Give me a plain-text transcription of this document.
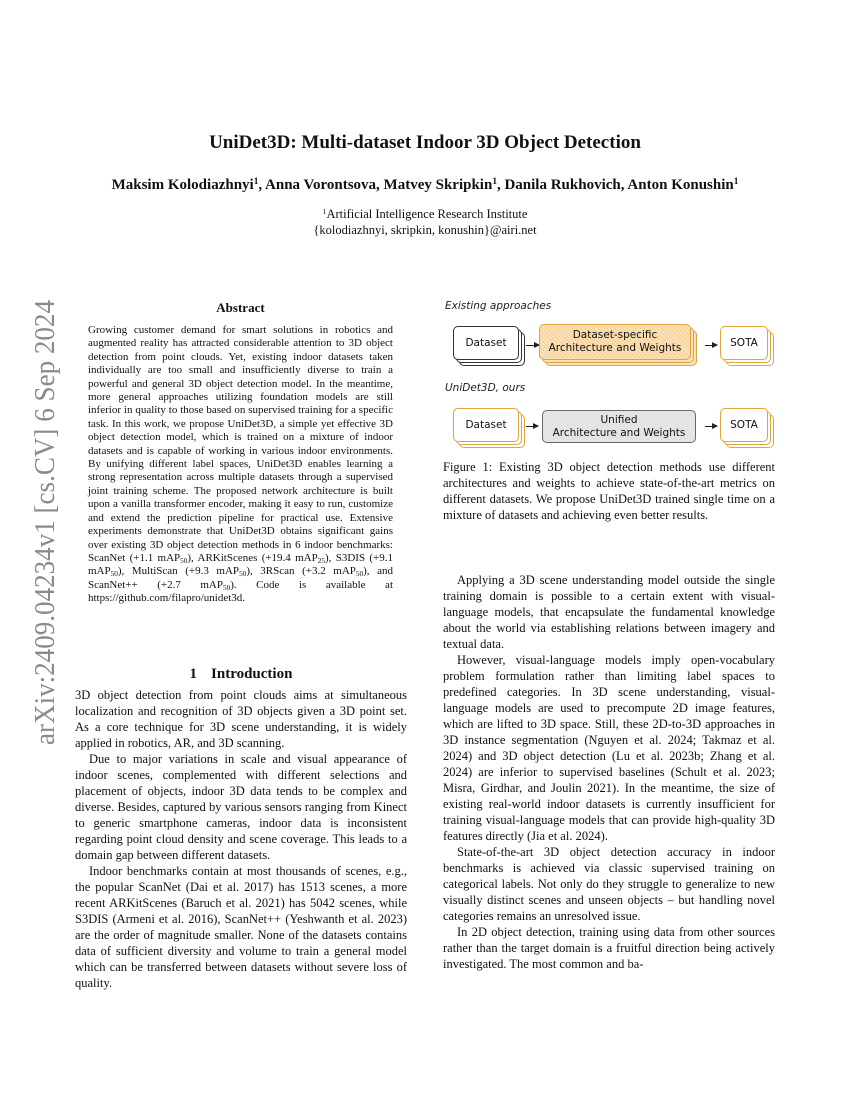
arXiv:2409.04234v1 [cs.CV] 6 Sep 2024
UniDet3D: Multi-dataset Indoor 3D Object Detection
Maksim Kolodiazhnyi$^1$, Anna Vorontsova, Matvey Skripkin$^1$, Danila Rukhovich, Anton Konushin$^1$
$^1$Artificial Intelligence Research Institute
{kolodiazhnyi, skripkin, konushin}@airi.net
Abstract
Growing customer demand for smart solutions in robotics and augmented reality has attracted considerable attention to 3D object detection from point clouds. Yet, existing indoor datasets taken individually are too small and insufficiently diverse to train a powerful and general 3D object detection model. In the meantime, more general approaches utilizing foundation models are still inferior in quality to those based on supervised training for a specific task. In this work, we propose UniDet3D, a simple yet effective 3D object detection model, which is trained on a mixture of indoor datasets and is capable of working in various indoor environments. By unifying different label spaces, UniDet3D enables learning a strong representation across multiple datasets through a supervised joint training scheme. The proposed network architecture is built upon a vanilla transformer encoder, making it easy to run, customize and extend the prediction pipeline for practical use. Extensive experiments demonstrate that UniDet3D obtains significant gains over existing 3D object detection methods in 6 indoor benchmarks: ScanNet (+1.1 mAP$_{50}$), ARKitScenes (+19.4 mAP$_{25}$), S3DIS (+9.1 mAP$_{50}$), MultiScan (+9.3 mAP$_{50}$), 3RScan (+3.2 mAP$_{50}$), and ScanNet++ (+2.7 mAP$_{50}$). Code is available at https://github.com/filapro/unidet3d.
1 Introduction

3D object detection from point clouds aims at simultaneous localization and recognition of 3D objects given a 3D point set. As a core technique for 3D scene understanding, it is widely applied in robotics, AR, and 3D scanning.

Due to major variations in scale and visual appearance of indoor scenes, complemented with different selections and placement of objects, indoor 3D data tends to be complex and diverse. Besides, captured by various sensors ranging from Kinect to generic smartphone cameras, indoor data is inconsistent regarding point cloud density and scene coverage. This leads to a domain gap between different datasets.

Indoor benchmarks contain at most thousands of scenes, e.g., the popular ScanNet (Dai et al. 2017) has 1513 scenes, a more recent ARKitScenes (Baruch et al. 2021) has 5042 scenes, while S3DIS (Armeni et al. 2016), ScanNet++ (Yeshwanth et al. 2023) are the order of magnitude smaller. None of the datasets contains data of sufficient diversity and volume to train a general model which can be transferred between datasets without severe loss of quality.

Existing approaches
Dataset
Dataset-specific
Architecture and Weights	SOTA
UniDet3D, ours
Dataset	Unified
Architecture and Weights
SOTA
Figure 1: Existing 3D object detection methods use different architectures and weights to achieve state-of-the-art metrics on different datasets. We propose UniDet3D trained single time on a mixture of datasets and achieving even better results.

Applying a 3D scene understanding model outside the single training domain is possible to a certain extent with visual-language models, that encapsulate the fundamental knowledge about the world via establishing relations between imagery and textual data.

However, visual-language models imply open-vocabulary problem formulation rather than limiting label spaces to predefined categories. In 3D scene understanding, visual-language models are used to precompute 2D image features, which are lifted to 3D space. Still, these 2D-to-3D approaches in 3D instance segmentation (Nguyen et al. 2024; Takmaz et al. 2024) and 3D object detection (Lu et al. 2023b; Zhang et al. 2024) are inferior to supervised baselines (Schult et al. 2023; Misra, Girdhar, and Joulin 2021). In the meantime, the size of existing real-world indoor datasets is currently insufficient for training visual-language models that can provide high-quality 3D features directly (Jia et al. 2024).

State-of-the-art 3D object detection accuracy in indoor benchmarks is achieved via classic supervised training on categorical labels. Not only do they struggle to generalize to new visually distinct scenes and unseen objects – but handling novel categories remains an unresolved issue.

In 2D object detection, training using data from other sources rather than the target domain is a fruitful direction being actively investigated. The most common and ba-
